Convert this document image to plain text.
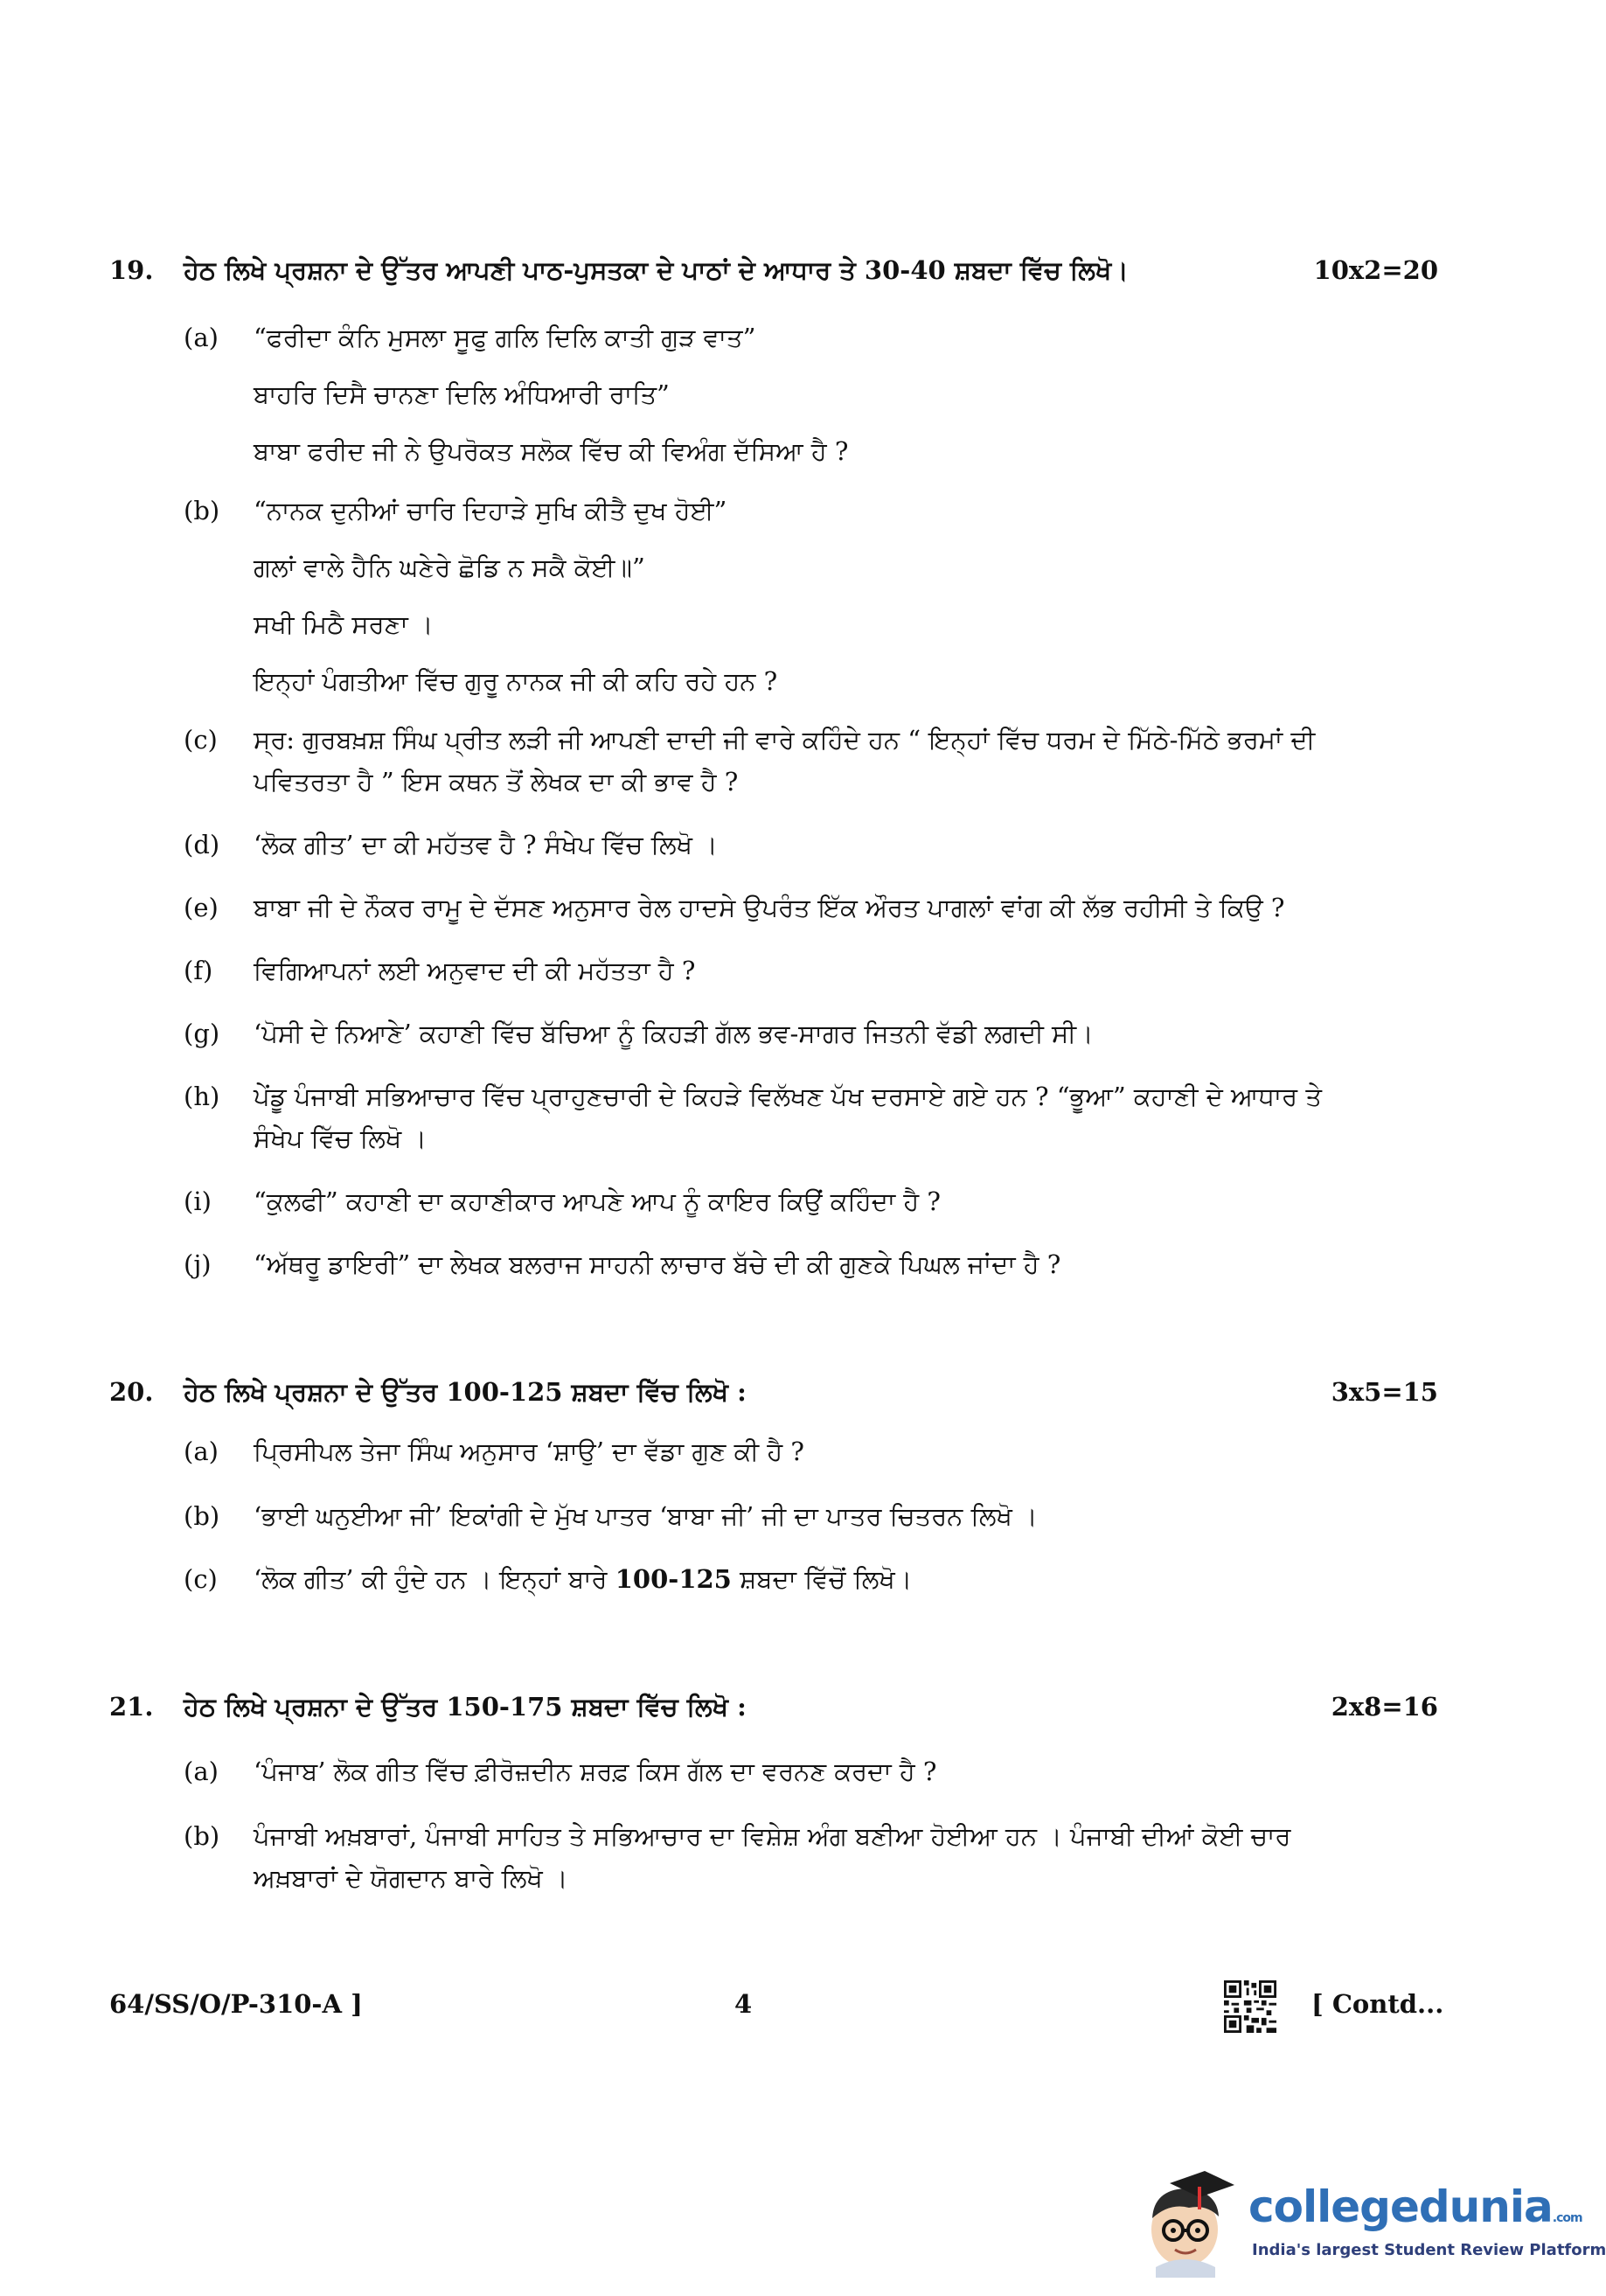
19. ਹੇਠ ਲਿਖੇ ਪ੍ਰਸ਼ਨਾ ਦੇ ਉੱਤਰ ਆਪਣੀ ਪਾਠ-ਪੁਸਤਕਾ ਦੇ ਪਾਠਾਂ ਦੇ ਆਧਾਰ ਤੇ 30-40 ਸ਼ਬਦਾ ਵਿੱਚ ਲਿਖੋ।	10x2=20
(a) “ਫਰੀਦਾ ਕੰਨਿ ਮੁਸਲਾ ਸੂਫੁ ਗਲਿ ਦਿਲਿ ਕਾਤੀ ਗੁੜ ਵਾਤ”
ਬਾਹਰਿ ਦਿਸੈ ਚਾਨਣਾ ਦਿਲਿ ਅੰਧਿਆਰੀ ਰਾਤਿ”
ਬਾਬਾ ਫਰੀਦ ਜੀ ਨੇ ਉਪਰੋਕਤ ਸਲੋਕ ਵਿੱਚ ਕੀ ਵਿਅੰਗ ਦੱਸਿਆ ਹੈ ?
(b) “ਨਾਨਕ ਦੁਨੀਆਂ ਚਾਰਿ ਦਿਹਾੜੇ ਸੁਖਿ ਕੀਤੈ ਦੁਖ ਹੋਈ”
ਗਲਾਂ ਵਾਲੇ ਹੈਨਿ ਘਣੇਰੇ ਛੋਡਿ ਨ ਸਕੈ ਕੋਈ॥”
ਸਖੀ ਮਿਠੈ ਸਰਣਾ ।
ਇਨ੍ਹਾਂ ਪੰਗਤੀਆ ਵਿੱਚ ਗੁਰੂ ਨਾਨਕ ਜੀ ਕੀ ਕਹਿ ਰਹੇ ਹਨ ?
(c) ਸ੍ਰ: ਗੁਰਬਖ਼ਸ਼ ਸਿੰਘ ਪ੍ਰੀਤ ਲੜੀ ਜੀ ਆਪਣੀ ਦਾਦੀ ਜੀ ਵਾਰੇ ਕਹਿੰਦੇ ਹਨ “ ਇਨ੍ਹਾਂ ਵਿੱਚ ਧਰਮ ਦੇ ਮਿੱਠੇ-ਮਿੱਠੇ ਭਰਮਾਂ ਦੀ
ਪਵਿਤਰਤਾ ਹੈ ” ਇਸ ਕਥਨ ਤੋਂ ਲੇਖਕ ਦਾ ਕੀ ਭਾਵ ਹੈ ?
(d) ‘ਲੋਕ ਗੀਤ’ ਦਾ ਕੀ ਮਹੱਤਵ ਹੈ ? ਸੰਖੇਪ ਵਿੱਚ ਲਿਖੋ ।
(e) ਬਾਬਾ ਜੀ ਦੇ ਨੌਕਰ ਰਾਮੂ ਦੇ ਦੱਸਣ ਅਨੁਸਾਰ ਰੇਲ ਹਾਦਸੇ ਉਪਰੰਤ ਇੱਕ ਔਰਤ ਪਾਗਲਾਂ ਵਾਂਗ ਕੀ ਲੱਭ ਰਹੀਸੀ ਤੇ ਕਿਉ ?
(f) ਵਿਗਿਆਪਨਾਂ ਲਈ ਅਨੁਵਾਦ ਦੀ ਕੀ ਮਹੱਤਤਾ ਹੈ ?
(g) ‘ਪੋਸੀ ਦੇ ਨਿਆਣੇ’ ਕਹਾਣੀ ਵਿੱਚ ਬੱਚਿਆ ਨੂੰ ਕਿਹੜੀ ਗੱਲ ਭਵ-ਸਾਗਰ ਜਿਤਨੀ ਵੱਡੀ ਲਗਦੀ ਸੀ।
(h) ਪੇਂਡੂ ਪੰਜਾਬੀ ਸਭਿਆਚਾਰ ਵਿੱਚ ਪ੍ਰਾਹੁਣਚਾਰੀ ਦੇ ਕਿਹੜੇ ਵਿਲੱਖਣ ਪੱਖ ਦਰਸਾਏ ਗਏ ਹਨ ? “ਭੂਆ” ਕਹਾਣੀ ਦੇ ਆਧਾਰ ਤੇ
ਸੰਖੇਪ ਵਿੱਚ ਲਿਖੋ ।
(i) “ਕੁਲਫੀ” ਕਹਾਣੀ ਦਾ ਕਹਾਣੀਕਾਰ ਆਪਣੇ ਆਪ ਨੂੰ ਕਾਇਰ ਕਿਉਂ ਕਹਿੰਦਾ ਹੈ ?
(j) “ਅੱਥਰੂ ਡਾਇਰੀ” ਦਾ ਲੇਖਕ ਬਲਰਾਜ ਸਾਹਨੀ ਲਾਚਾਰ ਬੱਚੇ ਦੀ ਕੀ ਗੁਣਕੇ ਪਿਘਲ ਜਾਂਦਾ ਹੈ ?
20. ਹੇਠ ਲਿਖੇ ਪ੍ਰਸ਼ਨਾ ਦੇ ਉੱਤਰ 100-125 ਸ਼ਬਦਾ ਵਿੱਚ ਲਿਖੋ :	3x5=15
(a) ਪ੍ਰਿਸੀਪਲ ਤੇਜਾ ਸਿੰਘ ਅਨੁਸਾਰ ‘ਸ਼ਾਉ’ ਦਾ ਵੱਡਾ ਗੁਣ ਕੀ ਹੈ ?
(b) ‘ਭਾਈ ਘਨੁਈਆ ਜੀ’ ਇਕਾਂਗੀ ਦੇ ਮੁੱਖ ਪਾਤਰ ‘ਬਾਬਾ ਜੀ’ ਜੀ ਦਾ ਪਾਤਰ ਚਿਤਰਨ ਲਿਖੋ ।
(c) ‘ਲੋਕ ਗੀਤ’ ਕੀ ਹੁੰਦੇ ਹਨ । ਇਨ੍ਹਾਂ ਬਾਰੇ 100-125 ਸ਼ਬਦਾ ਵਿੱਚੋਂ ਲਿਖੋ।
21. ਹੇਠ ਲਿਖੇ ਪ੍ਰਸ਼ਨਾ ਦੇ ਉੱਤਰ 150-175 ਸ਼ਬਦਾ ਵਿੱਚ ਲਿਖੋ :	2x8=16
(a) ‘ਪੰਜਾਬ’ ਲੋਕ ਗੀਤ ਵਿੱਚ ਫ਼ੀਰੋਜ਼ਦੀਨ ਸ਼ਰਫ਼ ਕਿਸ ਗੱਲ ਦਾ ਵਰਨਣ ਕਰਦਾ ਹੈ ?
(b) ਪੰਜਾਬੀ ਅਖ਼ਬਾਰਾਂ, ਪੰਜਾਬੀ ਸਾਹਿਤ ਤੇ ਸਭਿਆਚਾਰ ਦਾ ਵਿਸ਼ੇਸ਼ ਅੰਗ ਬਣੀਆ ਹੋਈਆ ਹਨ । ਪੰਜਾਬੀ ਦੀਆਂ ਕੋਈ ਚਾਰ
ਅਖ਼ਬਾਰਾਂ ਦੇ ਯੋਗਦਾਨ ਬਾਰੇ ਲਿਖੋ ।
64/SS/O/P-310-A ]	4	[ Contd...
collegedunia.com
India's largest Student Review Platform
